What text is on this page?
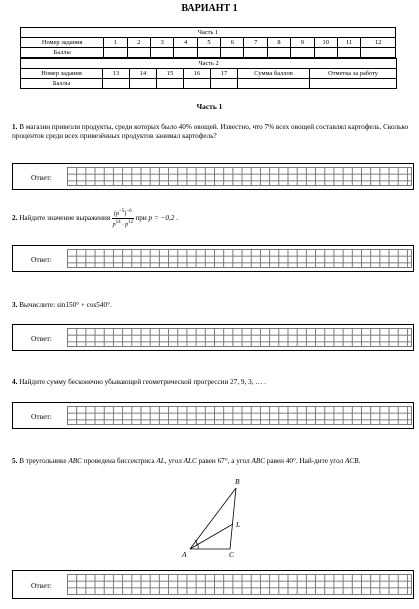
ВАРИАНТ 1
Часть 1												
Номер задания	1	2	3	4	5	6	7	8	9	10	11	12
Баллы												
Часть 2							
Номер задания	13	14	15	16	17	Сумма баллов	Отметка за работу
Баллы							
Часть 1
1. В магазин привезли продукты, среди которых было 40% овощей. Известно, что 7% всех овощей составлял картофель. Сколько процентов среди всех привезённых продуктов занимал картофель?
Ответ:
2. Найдите значение выражения $\frac{(p^{-5})^{-6}}{p^{14} \cdot p^{12}}$ при p = −0,2 .
Ответ:
3. Вычислите: sin150° + cos540°.
Ответ:
4. Найдите сумму бесконечно убывающей геометрической прогрессии 27, 9, 3, … .
Ответ:
5. В треугольнике ABC проведена биссектриса AL, угол ALC равен 67°, а угол ABC равен 40°. Най-дите угол ACB.
B
L
A	C
Ответ:
